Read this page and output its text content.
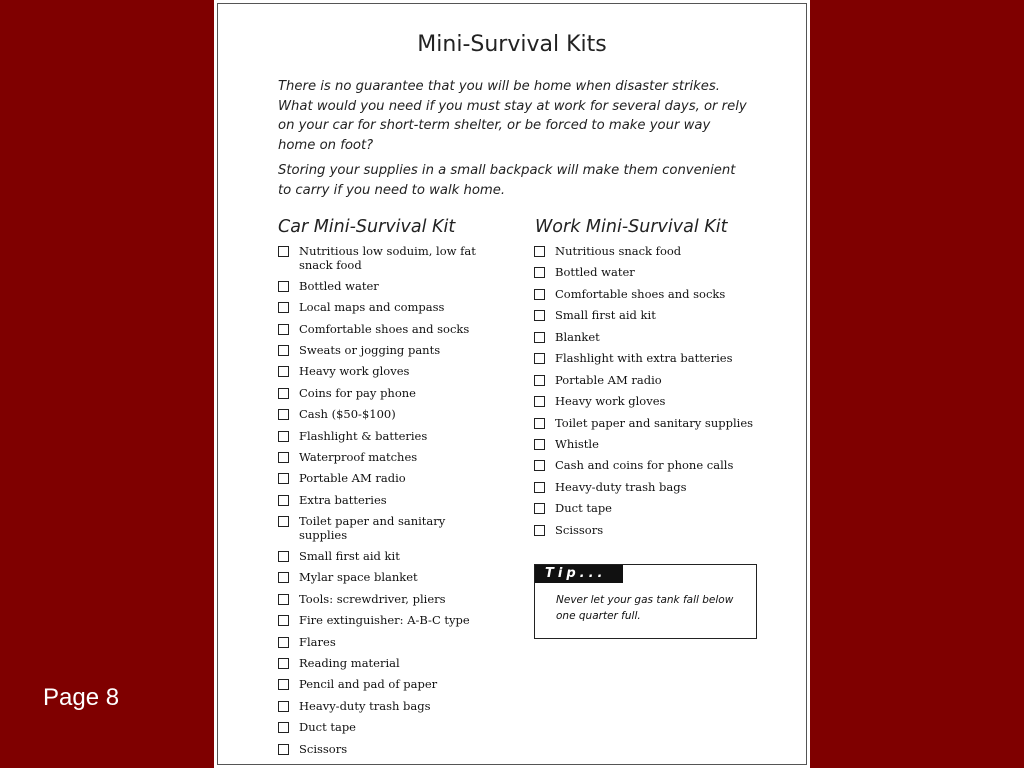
Page 8
Mini-Survival Kits

There is no guarantee that you will be home when disaster strikes. What would you need if you must stay at work for several days, or rely on your car for short-term shelter, or be forced to make your way home on foot?

Storing your supplies in a small backpack will make them convenient to carry if you need to walk home.

Car Mini-Survival Kit
Nutritious low soduim, low fat snack food
Bottled water
Local maps and compass
Comfortable shoes and socks
Sweats or jogging pants
Heavy work gloves
Coins for pay phone
Cash ($50-$100)
Flashlight & batteries
Waterproof matches
Portable AM radio
Extra batteries
Toilet paper and sanitary supplies
Small first aid kit
Mylar space blanket
Tools: screwdriver, pliers
Fire extinguisher: A-B-C type
Flares
Reading material
Pencil and pad of paper
Heavy-duty trash bags
Duct tape
Scissors
Work Mini-Survival Kit
Nutritious snack food
Bottled water
Comfortable shoes and socks
Small first aid kit
Blanket
Flashlight with extra batteries
Portable AM radio
Heavy work gloves
Toilet paper and sanitary supplies
Whistle
Cash and coins for phone calls
Heavy-duty trash bags
Duct tape
Scissors
Tip...
Never let your gas tank fall below one quarter full.
